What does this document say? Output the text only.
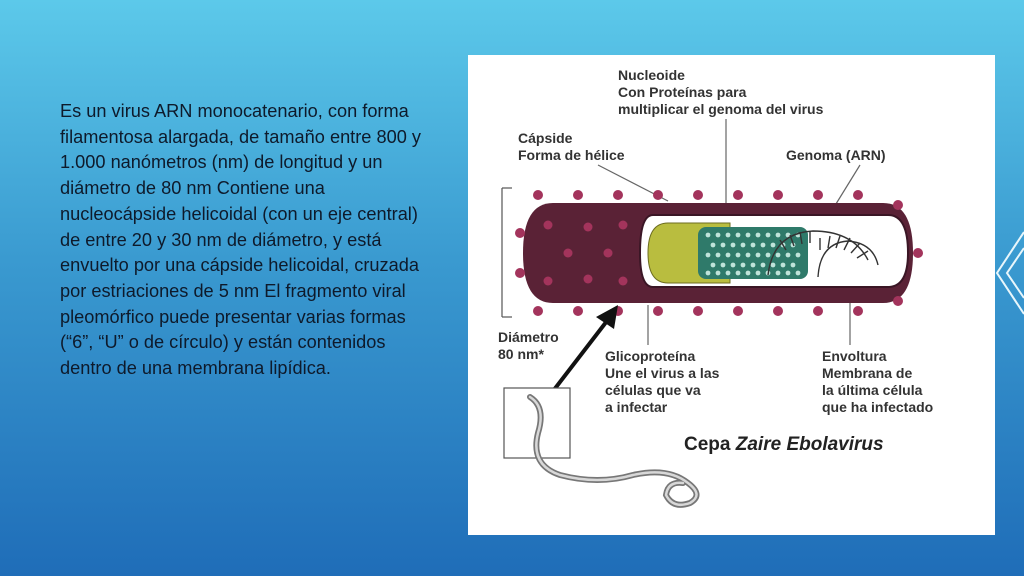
Es un virus ARN monocatenario, con forma filamentosa alargada, de tamaño entre 800 y 1.000 nanómetros (nm) de longitud y un diámetro de 80 nm Contiene una nucleocápside helicoidal (con un eje central) de entre 20 y 30 nm de diámetro, y está envuelto por una cápside helicoidal, cruzada por estriaciones de 5 nm El fragmento viral pleomórfico puede presentar varias formas (“6”, “U” o de círculo) y están contenidos dentro de una membrana lipídica.

Nucleoide Con Proteínas para multiplicar el genoma del virus
Cápside Forma de hélice	Genoma (ARN)
Diámetro 80 nm*	Glicoproteína Une el virus a las células que va a infectar
Envoltura Membrana de la última célula que ha infectado
Cepa Zaire Ebolavirus
